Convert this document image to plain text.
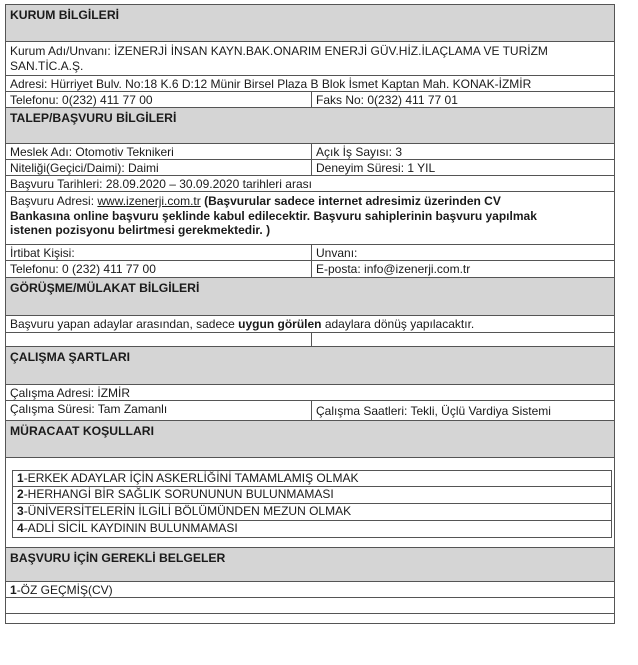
KURUM BİLGİLERİ
Kurum Adı/Unvanı: İZENERJİ İNSAN KAYN.BAK.ONARIM ENERJİ GÜV.HİZ.İLAÇLAMA VE TURİZM
SAN.TİC.A.Ş.
Adresi: Hürriyet Bulv. No:18 K.6 D:12 Münir Birsel Plaza B Blok İsmet Kaptan Mah. KONAK-İZMİR
Telefonu: 0(232) 411 77 00	Faks No: 0(232) 411 77 01
TALEP/BAŞVURU BİLGİLERİ
Meslek Adı: Otomotiv Teknikeri	Açık İş Sayısı: 3
Niteliği(Geçici/Daimi): Daimi	Deneyim Süresi: 1 YIL
Başvuru Tarihleri: 28.09.2020 – 30.09.2020 tarihleri arası
Başvuru Adresi: www.izenerji.com.tr (Başvurular sadece internet adresimiz üzerinden CV
Bankasına online başvuru şeklinde kabul edilecektir. Başvuru sahiplerinin başvuru yapılmak
istenen pozisyonu belirtmesi gerekmektedir. )
İrtibat Kişisi:	Unvanı:
Telefonu: 0 (232) 411 77 00	E-posta: info@izenerji.com.tr
GÖRÜŞME/MÜLAKAT BİLGİLERİ
Başvuru yapan adaylar arasından, sadece uygun görülen adaylara dönüş yapılacaktır.
ÇALIŞMA ŞARTLARI
Çalışma Adresi: İZMİR
Çalışma Süresi: Tam Zamanlı	Çalışma Saatleri: Tekli, Üçlü Vardiya Sistemi
MÜRACAAT KOŞULLARI
1-ERKEK ADAYLAR İÇİN ASKERLİĞİNİ TAMAMLAMIŞ OLMAK
2-HERHANGİ BİR SAĞLIK SORUNUNUN BULUNMAMASI
3-ÜNİVERSİTELERİN İLGİLİ BÖLÜMÜNDEN MEZUN OLMAK
4-ADLİ SİCİL KAYDININ BULUNMAMASI
BAŞVURU İÇİN GEREKLİ BELGELER
1-ÖZ GEÇMİŞ(CV)
